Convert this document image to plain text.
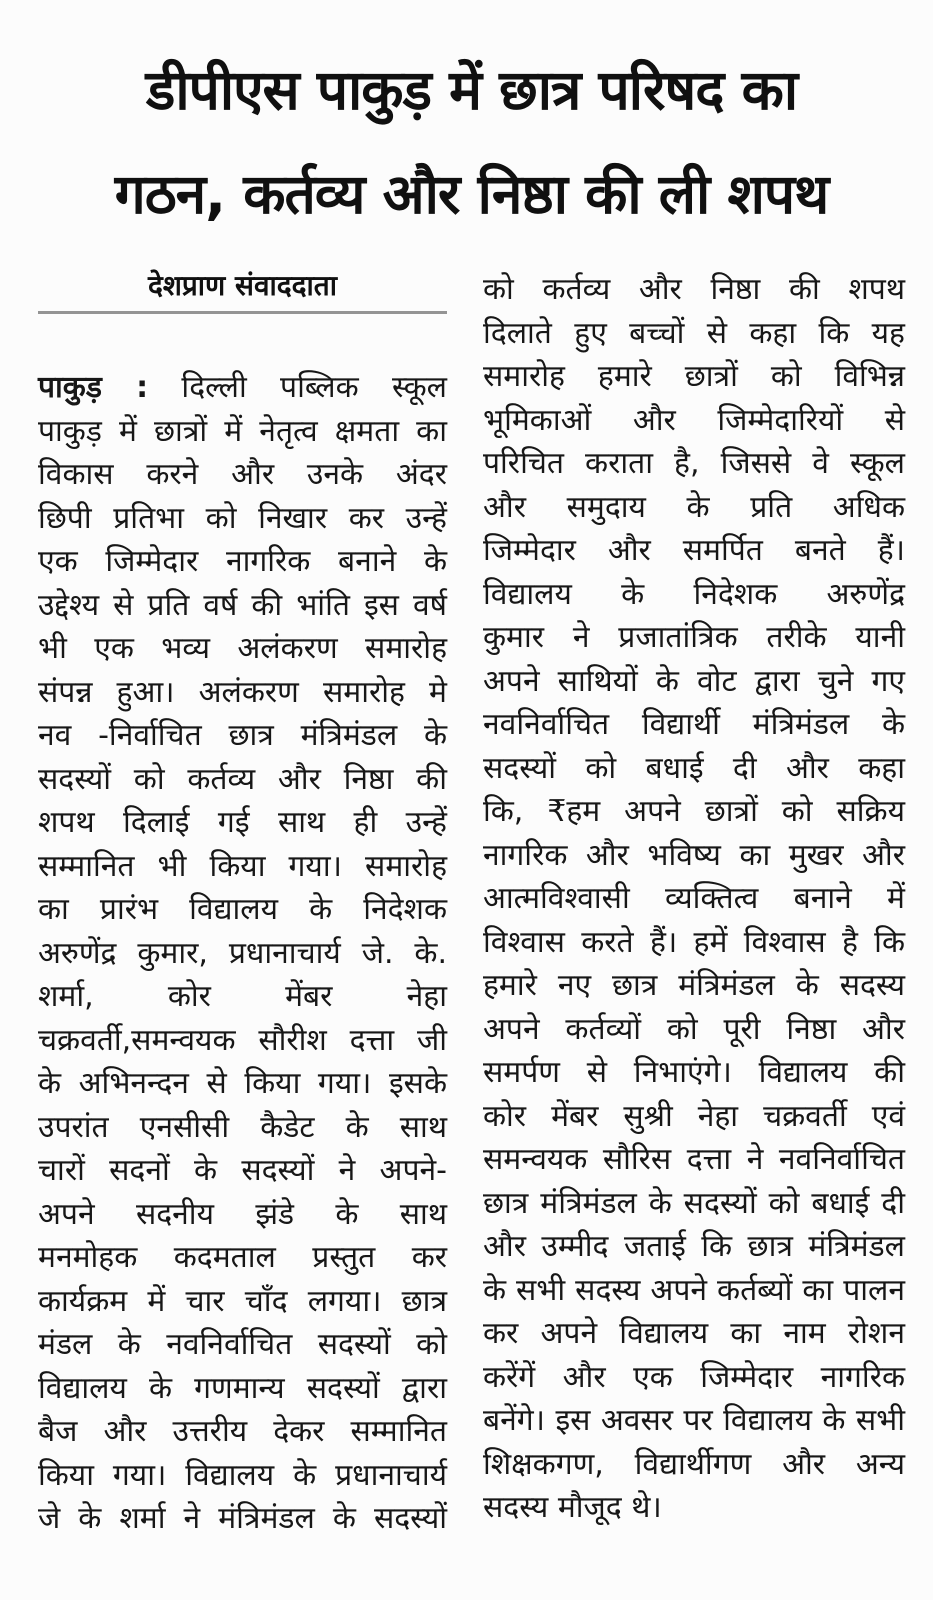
डीपीएस पाकुड़ में छात्र परिषद का
गठन, कर्तव्य और निष्ठा की ली शपथ
देशप्राण संवाददाता
पाकुड़ : दिल्ली पब्लिक स्कूल
पाकुड़ में छात्रों में नेतृत्व क्षमता का
विकास करने और उनके अंदर
छिपी प्रतिभा को निखार कर उन्हें
एक जिम्मेदार नागरिक बनाने के
उद्देश्य से प्रति वर्ष की भांति इस वर्ष
भी एक भव्य अलंकरण समारोह
संपन्न हुआ। अलंकरण समारोह मे
नव -निर्वाचित छात्र मंत्रिमंडल के
सदस्यों को कर्तव्य और निष्ठा की
शपथ दिलाई गई साथ ही उन्हें
सम्मानित भी किया गया। समारोह
का प्रारंभ विद्यालय के निदेशक
अरुणेंद्र कुमार, प्रधानाचार्य जे. के.
शर्मा, कोर मेंबर नेहा
चक्रवर्ती,समन्वयक सौरीश दत्ता जी
के अभिनन्दन से किया गया। इसके
उपरांत एनसीसी कैडेट के साथ
चारों सदनों के सदस्यों ने अपने-
अपने सदनीय झंडे के साथ
मनमोहक कदमताल प्रस्तुत कर
कार्यक्रम में चार चाँद लगया। छात्र
मंडल के नवनिर्वाचित सदस्यों को
विद्यालय के गणमान्य सदस्यों द्वारा
बैज और उत्तरीय देकर सम्मानित
किया गया। विद्यालय के प्रधानाचार्य
जे के शर्मा ने मंत्रिमंडल के सदस्यों
को कर्तव्य और निष्ठा की शपथ
दिलाते हुए बच्चों से कहा कि यह
समारोह हमारे छात्रों को विभिन्न
भूमिकाओं और जिम्मेदारियों से
परिचित कराता है, जिससे वे स्कूल
और समुदाय के प्रति अधिक
जिम्मेदार और समर्पित बनते हैं।
विद्यालय के निदेशक अरुणेंद्र
कुमार ने प्रजातांत्रिक तरीके यानी
अपने साथियों के वोट द्वारा चुने गए
नवनिर्वाचित विद्यार्थी मंत्रिमंडल के
सदस्यों को बधाई दी और कहा
कि, ₹हम अपने छात्रों को सक्रिय
नागरिक और भविष्य का मुखर और
आत्मविश्वासी व्यक्तित्व बनाने में
विश्वास करते हैं। हमें विश्वास है कि
हमारे नए छात्र मंत्रिमंडल के सदस्य
अपने कर्तव्यों को पूरी निष्ठा और
समर्पण से निभाएंगे। विद्यालय की
कोर मेंबर सुश्री नेहा चक्रवर्ती एवं
समन्वयक सौरिस दत्ता ने नवनिर्वाचित
छात्र मंत्रिमंडल के सदस्यों को बधाई दी
और उम्मीद जताई कि छात्र मंत्रिमंडल
के सभी सदस्य अपने कर्तब्यों का पालन
कर अपने विद्यालय का नाम रोशन
करेंगें और एक जिम्मेदार नागरिक
बनेंगे। इस अवसर पर विद्यालय के सभी
शिक्षकगण, विद्यार्थीगण और अन्य
सदस्य मौजूद थे।
